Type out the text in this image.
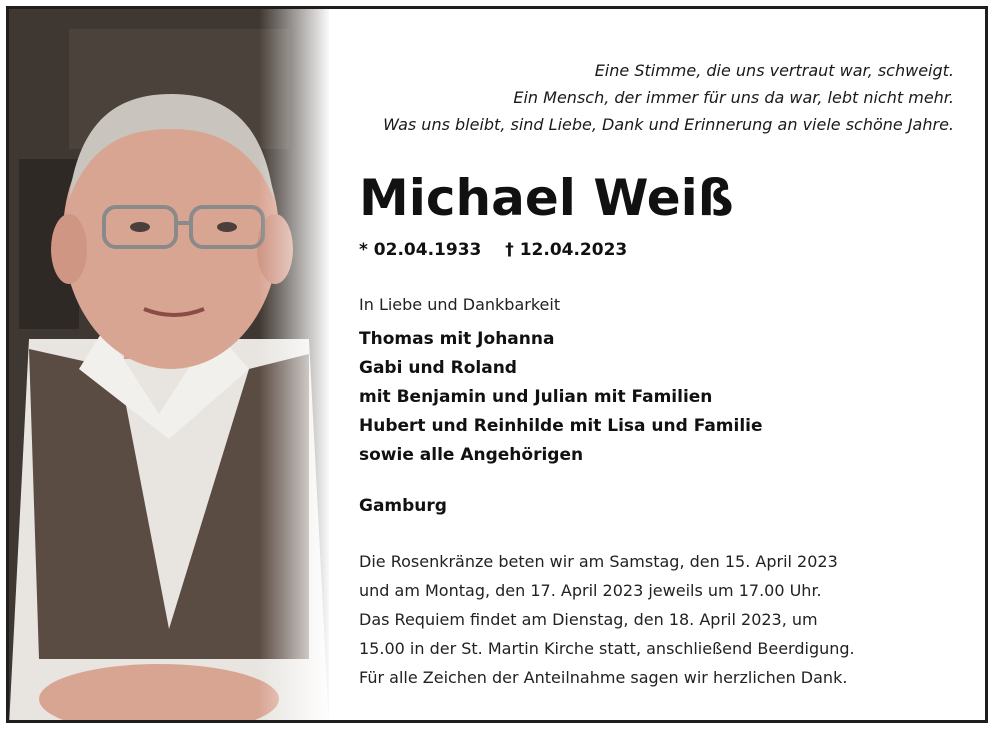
Eine Stimme, die uns vertraut war, schweigt.
Ein Mensch, der immer für uns da war, lebt nicht mehr.
Was uns bleibt, sind Liebe, Dank und Erinnerung an viele schöne Jahre.
Michael Weiß
* 02.04.1933 † 12.04.2023
In Liebe und Dankbarkeit
Thomas mit Johanna
Gabi und Roland
mit Benjamin und Julian mit Familien
Hubert und Reinhilde mit Lisa und Familie
sowie alle Angehörigen
Gamburg
Die Rosenkränze beten wir am Samstag, den 15. April 2023
und am Montag, den 17. April 2023 jeweils um 17.00 Uhr.
Das Requiem findet am Dienstag, den 18. April 2023, um
15.00 in der St. Martin Kirche statt, anschließend Beerdigung.
Für alle Zeichen der Anteilnahme sagen wir herzlichen Dank.
